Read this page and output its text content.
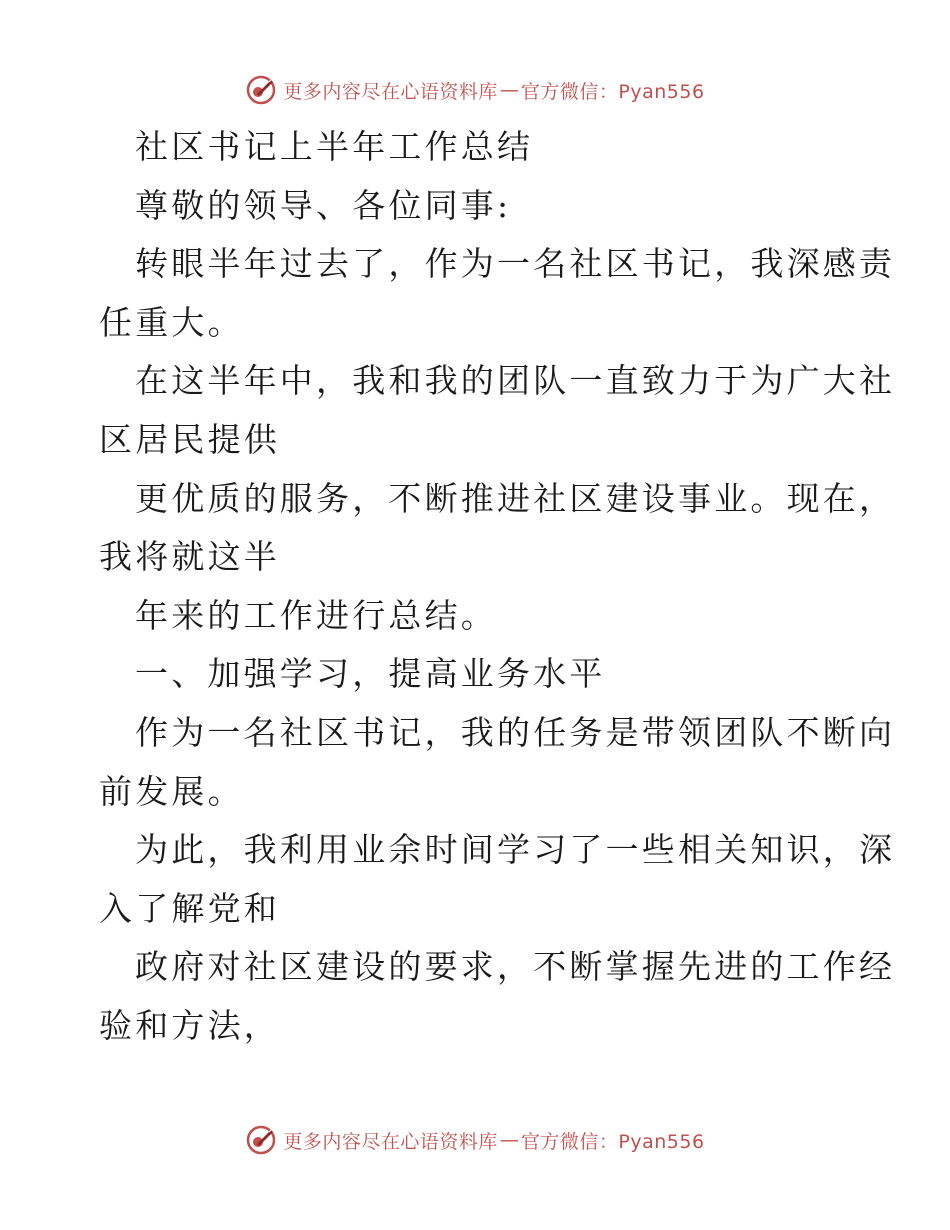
更多内容尽在心语资料库 — 官方微信：Pyan556
社区书记上半年工作总结
尊敬的领导、各位同事:
转眼半年过去了，作为一名社区书记，我深感责
任重大。
在这半年中，我和我的团队一直致力于为广大社
区居民提供
更优质的服务，不断推进社区建设事业。现在，
我将就这半
年来的工作进行总结。
一、加强学习，提高业务水平
作为一名社区书记，我的任务是带领团队不断向
前发展。
为此，我利用业余时间学习了一些相关知识，深
入了解党和
政府对社区建设的要求，不断掌握先进的工作经
验和方法，
更多内容尽在心语资料库 — 官方微信：Pyan556
